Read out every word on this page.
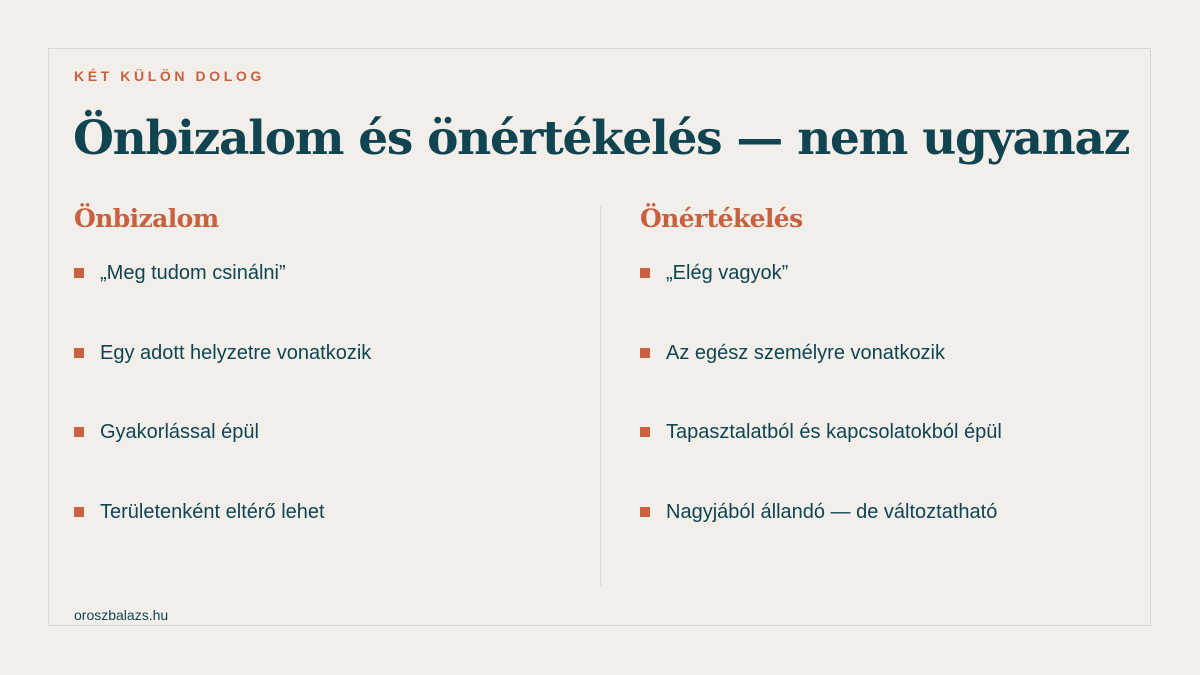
KÉT KÜLÖN DOLOG
Önbizalom és önértékelés — nem ugyanaz
Önbizalom	Önértékelés
„Meg tudom csinálni”
Egy adott helyzetre vonatkozik
Gyakorlással épül
Területenként eltérő lehet
„Elég vagyok”
Az egész személyre vonatkozik
Tapasztalatból és kapcsolatokból épül
Nagyjából állandó — de változtatható
oroszbalazs.hu
